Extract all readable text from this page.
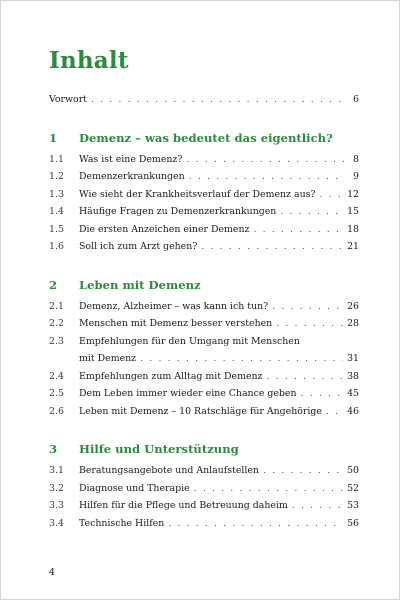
Inhalt
Vorwort . . .	6
1	Demenz – was bedeutet das eigentlich?
1.1	Was ist eine Demenz? . . .	8
1.2	Demenzerkrankungen . . .	9
1.3	Wie sieht der Krankheitsverlauf der Demenz aus? . . .	12
1.4	Häufige Fragen zu Demenzerkrankungen . . .	15
1.5	Die ersten Anzeichen einer Demenz . . .	18
1.6	Soll ich zum Arzt gehen? . . .	21
2	Leben mit Demenz
2.1	Demenz, Alzheimer – was kann ich tun? . . .	26
2.2	Menschen mit Demenz besser verstehen . . .	28
2.3	Empfehlungen für den Umgang mit Menschen
mit Demenz . . .	31
2.4	Empfehlungen zum Alltag mit Demenz . . .	38
2.5	Dem Leben immer wieder eine Chance geben . . .	45
2.6	Leben mit Demenz – 10 Ratschläge für Angehörige . . .	46
3	Hilfe und Unterstützung
3.1	Beratungsangebote und Anlaufstellen . . .	50
3.2	Diagnose und Therapie . . .	52
3.3	Hilfen für die Pflege und Betreuung daheim . . .	53
3.4	Technische Hilfen . . .	56
4
